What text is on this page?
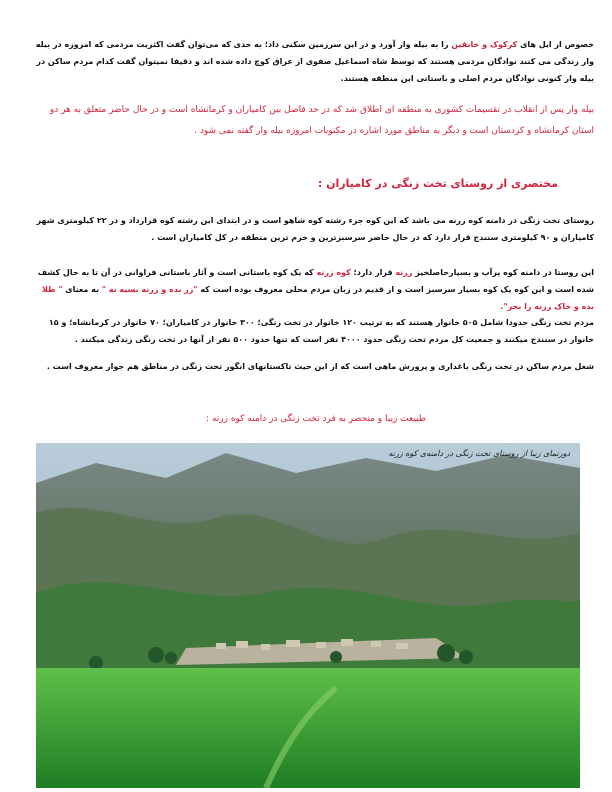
خصوص از ایل های کرکوک و خانقین را به بیله وار آورد و در این سرزمین سکنی داد؛ به حدی که می‌توان گفت اکثریت مردمی که امروزه در بیله وار زندگی می کنند نوادگان مردمی هستند که توسط شاه اسماعیل صفوی از عراق کوچ داده شده اند و دقیقا نمیتوان گفت کدام مردم ساکن در بیله وار کنونی نوادگان مردم اصلی و باستانی این منطقه هستند.

بیله وار پس از انقلاب در تقسیمات کشوری به منطقه ای اطلاق شد که در حد فاصل بین کامیاران و کرمانشاه است و در حال حاضر متعلق به هر دو استان کرمانشاه و کردستان است و دیگر به مناطق مورد اشاره در مکتوبات امروزه بیله وار گفته نمی شود .

مختصری از روستای تخت زنگی در کامیاران :

روستای تخت زنگی در دامنه کوه زرنه می باشد که این کوه جزء رشته کوه شاهو است و در ابتدای این رشته کوه قرارداد و در ۲۲ کیلومتری شهر کامیاران و ۹۰ کیلومتری سنندج قرار دارد که در حال حاضر سرسبزترین و خرم ترین منطقه در کل کامیاران است .

این روستا در دامنه کوه پرآب و بسیارحاصلخیز زرنه قرار دارد؛ کوه زرنه که یک کوه باستانی است و آثار باستانی فراوانی در آن تا به حال کشف شده است و این کوه یک کوه بسیار سرسبز است و از قدیم در زبان مردم محلی معروف بوده است که "زر بده و زرنه بسیه نه " به معنای " طلا بده و خاک زرنه را بخر".

مردم تخت زنگی حدودا شامل ۵۰۵ خانوار هستند که به ترتیب ۱۲۰ خانوار در تخت زنگی؛ ۳۰۰ خانوار در کامیاران؛ ۷۰ خانوار در کرمانشاه؛ و ۱۵ خانوار در سنندج میکنند و جمعیت کل مردم تخت زنگی حدود ۴۰۰۰ نفر است که تنها حدود ۵۰۰ نفر از آنها در تخت زنگی زندگی میکنند .

شغل مردم ساکن در تخت زنگی باغداری و پرورش ماهی است که از این حیث تاکستانهای انگور تخت زنگی در مناطق هم جوار معروف است .

طبیعت زیبا و منحصر به فرد تخت زنگی در دامنه کوه زرنه :

دورنمای زیبا از روستای تخت زنگی در دامنه‌ی کوه زرنه
